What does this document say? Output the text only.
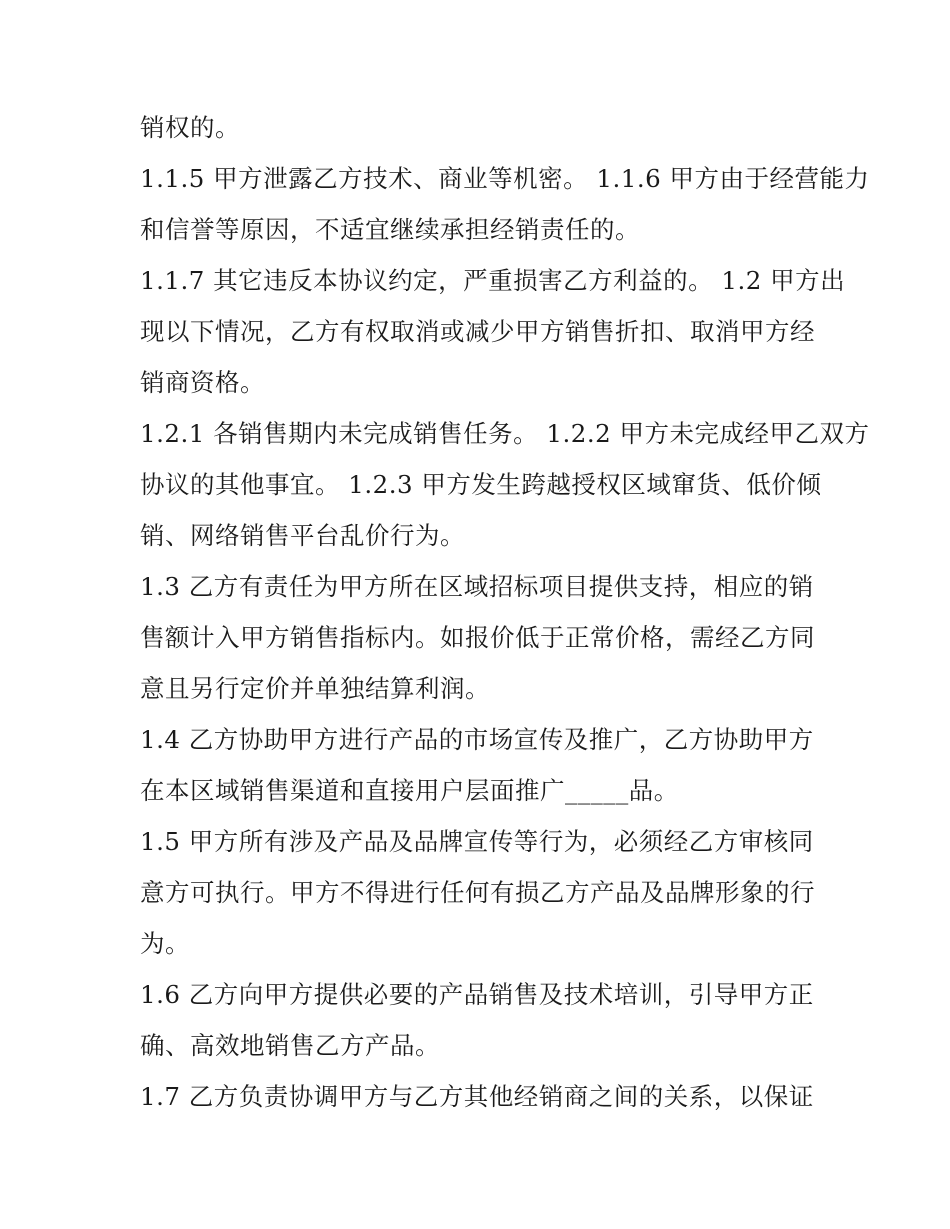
销权的。
1.1.5 甲方泄露乙方技术、商业等机密。 1.1.6 甲方由于经营能力
和信誉等原因，不适宜继续承担经销责任的。
1.1.7 其它违反本协议约定，严重损害乙方利益的。 1.2 甲方出
现以下情况，乙方有权取消或减少甲方销售折扣、取消甲方经
销商资格。
1.2.1 各销售期内未完成销售任务。 1.2.2 甲方未完成经甲乙双方
协议的其他事宜。 1.2.3 甲方发生跨越授权区域窜货、低价倾
销、网络销售平台乱价行为。
1.3 乙方有责任为甲方所在区域招标项目提供支持，相应的销
售额计入甲方销售指标内。如报价低于正常价格，需经乙方同
意且另行定价并单独结算利润。
1.4 乙方协助甲方进行产品的市场宣传及推广，乙方协助甲方
在本区域销售渠道和直接用户层面推广_____品。
1.5 甲方所有涉及产品及品牌宣传等行为，必须经乙方审核同
意方可执行。甲方不得进行任何有损乙方产品及品牌形象的行
为。
1.6 乙方向甲方提供必要的产品销售及技术培训，引导甲方正
确、高效地销售乙方产品。
1.7 乙方负责协调甲方与乙方其他经销商之间的关系，以保证
